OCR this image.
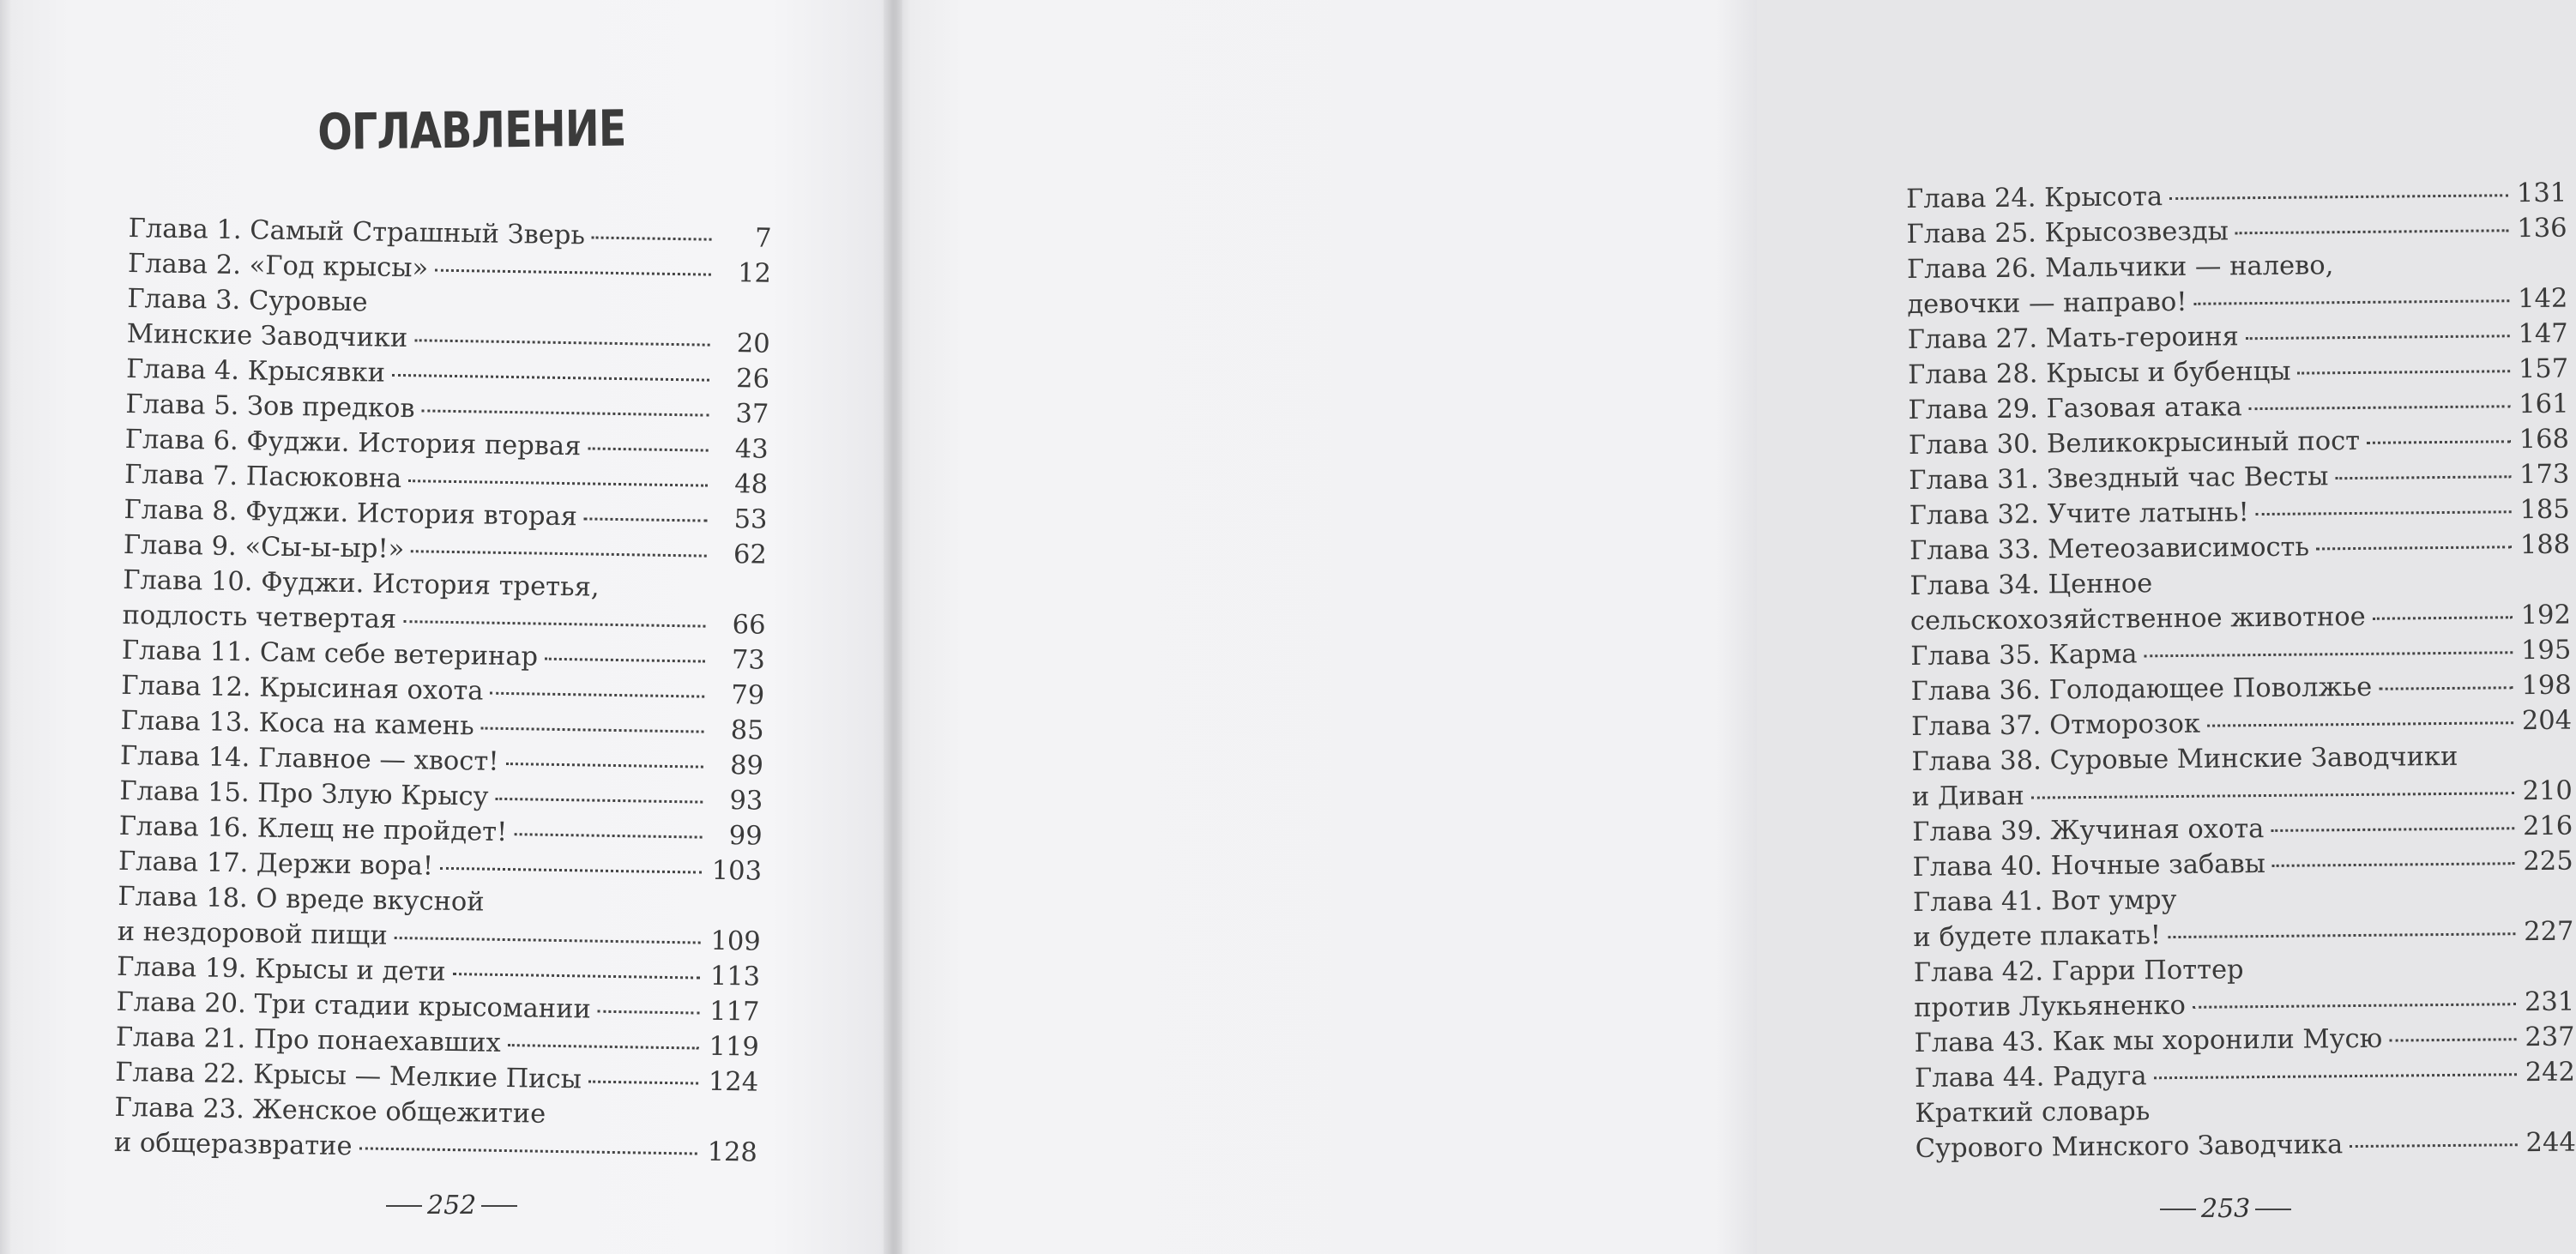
ОГЛАВЛЕНИЕ
Глава 1. Самый Страшный Зверь	7
Глава 2. «Год крысы»	12
Глава 3. Суровые
Минские Заводчики	20
Глава 4. Крысявки	26
Глава 5. Зов предков	37
Глава 6. Фуджи. История первая	43
Глава 7. Пасюковна	48
Глава 8. Фуджи. История вторая	53
Глава 9. «Сы-ы-ыр!»	62
Глава 10. Фуджи. История третья,
подлость четвертая	66
Глава 11. Сам себе ветеринар	73
Глава 12. Крысиная охота	79
Глава 13. Коса на камень	85
Глава 14. Главное — хвост!	89
Глава 15. Про Злую Крысу	93
Глава 16. Клещ не пройдет!	99
Глава 17. Держи вора!	103
Глава 18. О вреде вкусной
и нездоровой пищи	109
Глава 19. Крысы и дети	113
Глава 20. Три стадии крысомании	117
Глава 21. Про понаехавших	119
Глава 22. Крысы — Мелкие Писы	124
Глава 23. Женское общежитие
и общеразвратие	128
252
Глава 24. Крысота	131
Глава 25. Крысозвезды	136
Глава 26. Мальчики — налево,
девочки — направо!	142
Глава 27. Мать-героиня	147
Глава 28. Крысы и бубенцы	157
Глава 29. Газовая атака	161
Глава 30. Великокрысиный пост	168
Глава 31. Звездный час Весты	173
Глава 32. Учите латынь!	185
Глава 33. Метеозависимость	188
Глава 34. Ценное
сельскохозяйственное животное	192
Глава 35. Карма	195
Глава 36. Голодающее Поволжье	198
Глава 37. Отморозок	204
Глава 38. Суровые Минские Заводчики
и Диван	210
Глава 39. Жучиная охота	216
Глава 40. Ночные забавы	225
Глава 41. Вот умру
и будете плакать!	227
Глава 42. Гарри Поттер
против Лукьяненко	231
Глава 43. Как мы хоронили Мусю	237
Глава 44. Радуга	242
Краткий словарь
Сурового Минского Заводчика	244
253
